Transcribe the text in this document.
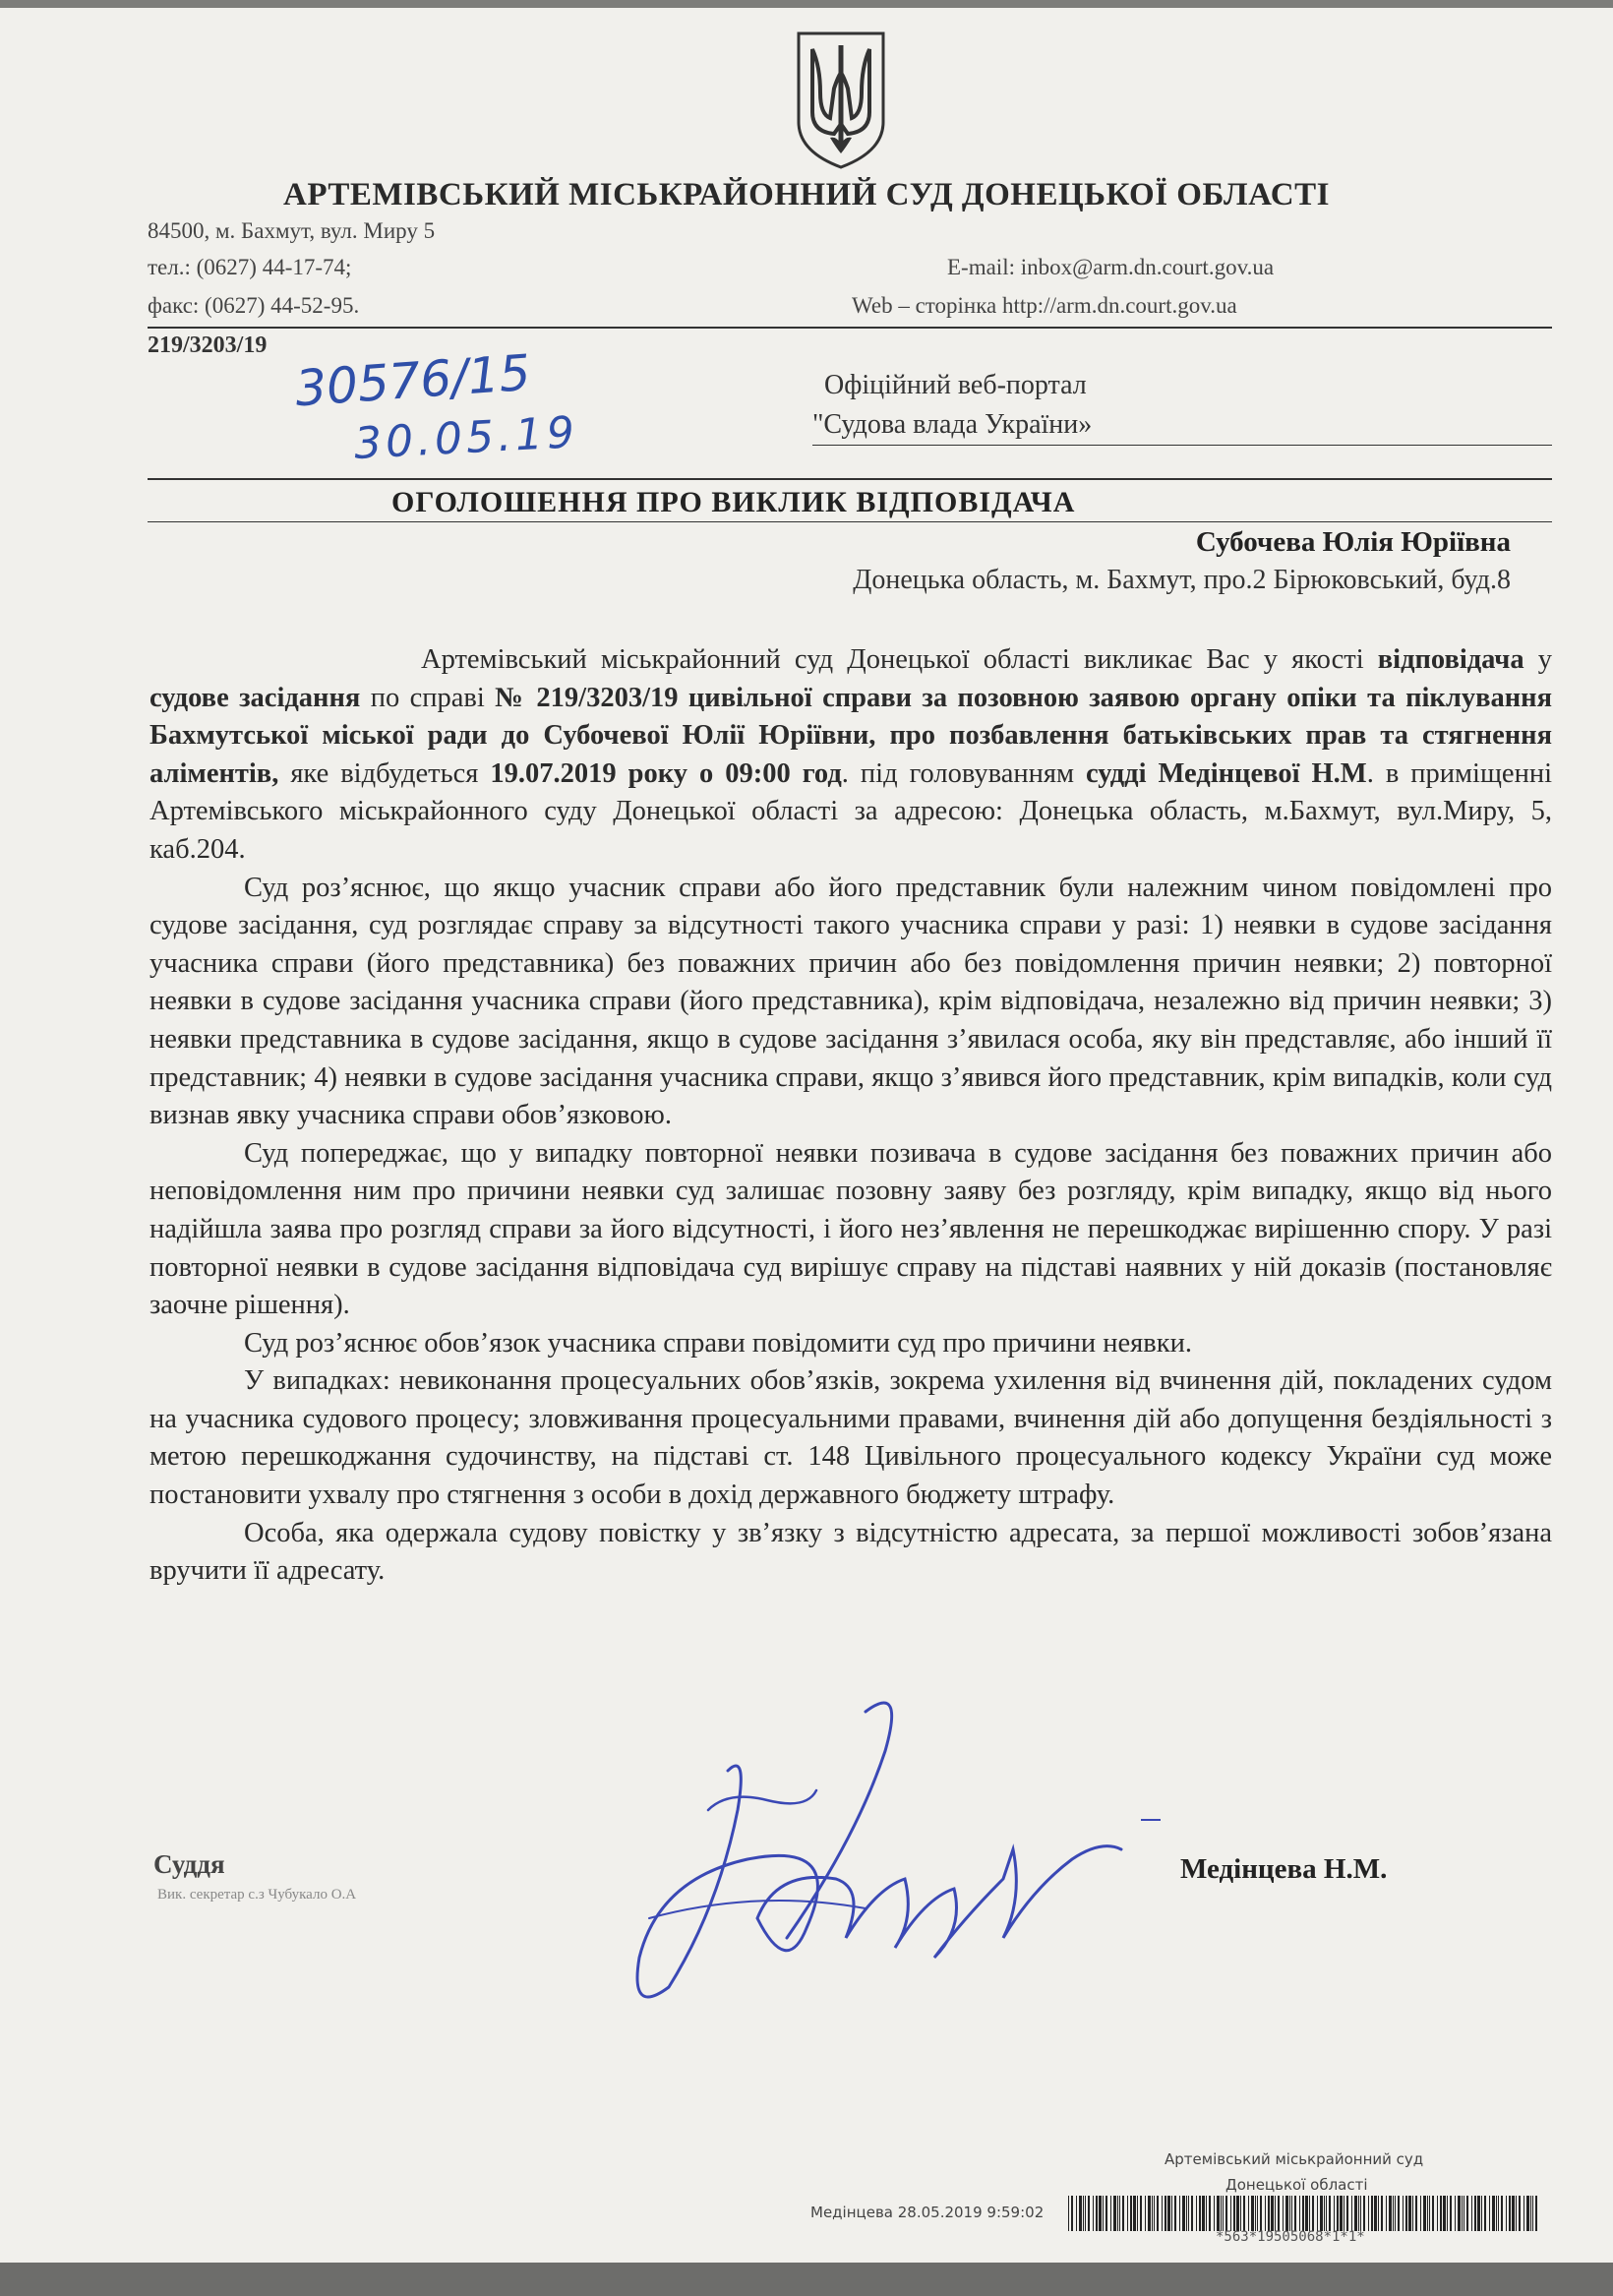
АРТЕМІВСЬКИЙ МІСЬКРАЙОННИЙ СУД ДОНЕЦЬКОЇ ОБЛАСТІ
84500, м. Бахмут, вул. Миру 5
тел.: (0627) 44-17-74;
факс: (0627) 44-52-95.
E-mail: inbox@arm.dn.court.gov.ua
Web – сторінка http://arm.dn.court.gov.ua
219/3203/19 30576/15
30.05.19
Офіційний веб-портал
"Судова влада України»
ОГОЛОШЕННЯ ПРО ВИКЛИК ВІДПОВІДАЧА
Субочева Юлія Юріївна
Донецька область, м. Бахмут, про.2 Бірюковський, буд.8

Артемівський міськрайонний суд Донецької області викликає Вас у якості відповідача у судове засідання по справі № 219/3203/19 цивільної справи за позовною заявою органу опіки та піклування Бахмутської міської ради до Субочевої Юлії Юріївни, про позбавлення батьківських прав та стягнення аліментів, яке відбудеться 19.07.2019 року о 09:00 год. під головуванням судді Медінцевої Н.М. в приміщенні Артемівського міськрайонного суду Донецької області за адресою: Донецька область, м.Бахмут, вул.Миру, 5, каб.204.

Суд роз’яснює, що якщо учасник справи або його представник були належним чином повідомлені про судове засідання, суд розглядає справу за відсутності такого учасника справи у разі: 1) неявки в судове засідання учасника справи (його представника) без поважних причин або без повідомлення причин неявки; 2) повторної неявки в судове засідання учасника справи (його представника), крім відповідача, незалежно від причин неявки; 3) неявки представника в судове засідання, якщо в судове засідання з’явилася особа, яку він представляє, або інший її представник; 4) неявки в судове засідання учасника справи, якщо з’явився його представник, крім випадків, коли суд визнав явку учасника справи обов’язковою.

Суд попереджає, що у випадку повторної неявки позивача в судове засідання без поважних причин або неповідомлення ним про причини неявки суд залишає позовну заяву без розгляду, крім випадку, якщо від нього надійшла заява про розгляд справи за його відсутності, і його нез’явлення не перешкоджає вирішенню спору. У разі повторної неявки в судове засідання відповідача суд вирішує справу на підставі наявних у ній доказів (постановляє заочне рішення).

Суд роз’яснює обов’язок учасника справи повідомити суд про причини неявки.

У випадках: невиконання процесуальних обов’язків, зокрема ухилення від вчинення дій, покладених судом на учасника судового процесу; зловживання процесуальними правами, вчинення дій або допущення бездіяльності з метою перешкоджання судочинству, на підставі ст. 148 Цивільного процесуального кодексу України суд може постановити ухвалу про стягнення з особи в дохід державного бюджету штрафу.

Особа, яка одержала судову повістку у зв’язку з відсутністю адресата, за першої можливості зобов’язана вручити її адресату.

Суддя
Вик. секретар с.з Чубукало О.А
Медінцева Н.М.
Артемівський міськрайонний суд
Донецької області
Медінцева 28.05.2019 9:59:02
*563*19505068*1*1*
